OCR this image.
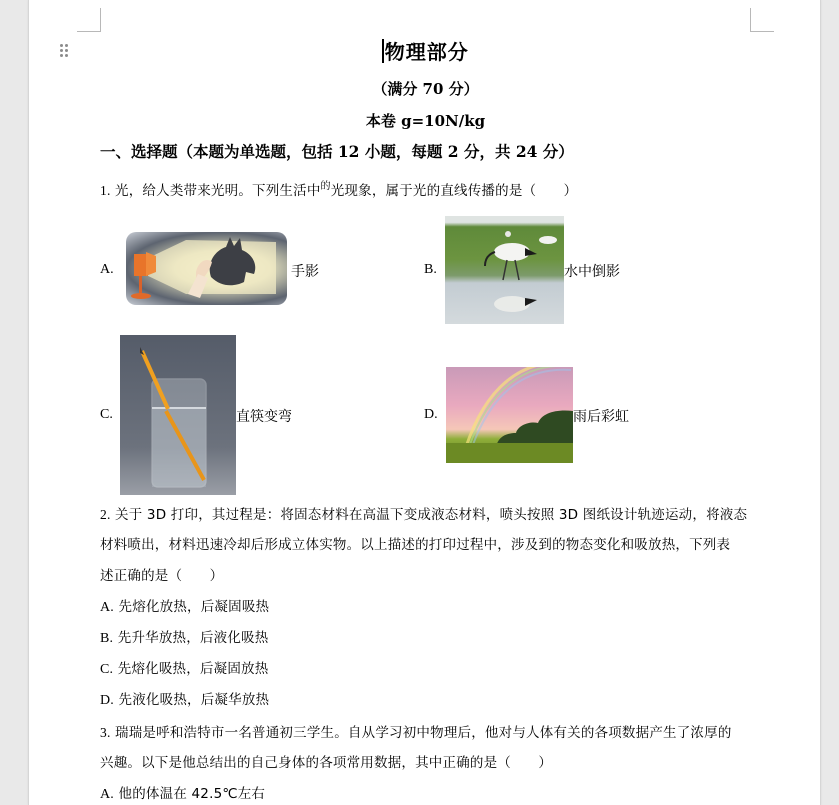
物理部分
（满分 70 分）
本卷 g=10N/kg
一、选择题（本题为单选题，包括 12 小题，每题 2 分，共 24 分）
1. 光，给人类带来光明。下列生活中$^的$光现象，属于光的直线传播的是（　　）
A.	手影	B.	水中倒影
C.	直筷变弯	D.	雨后彩虹
2. 关于 3D 打印，其过程是：将固态材料在高温下变成液态材料，喷头按照 3D 图纸设计轨迹运动，将液态
材料喷出，材料迅速冷却后形成立体实物。以上描述的打印过程中，涉及到的物态变化和吸放热，下列表
述正确的是（　　）
A. 先熔化放热，后凝固吸热
B. 先升华放热，后液化吸热
C. 先熔化吸热，后凝固放热
D. 先液化吸热，后凝华放热
3. 瑞瑞是呼和浩特市一名普通初三学生。自从学习初中物理后，他对与人体有关的各项数据产生了浓厚的
兴趣。以下是他总结出的自己身体的各项常用数据，其中正确的是（　　）
A. 他的体温在 42.5℃左右
